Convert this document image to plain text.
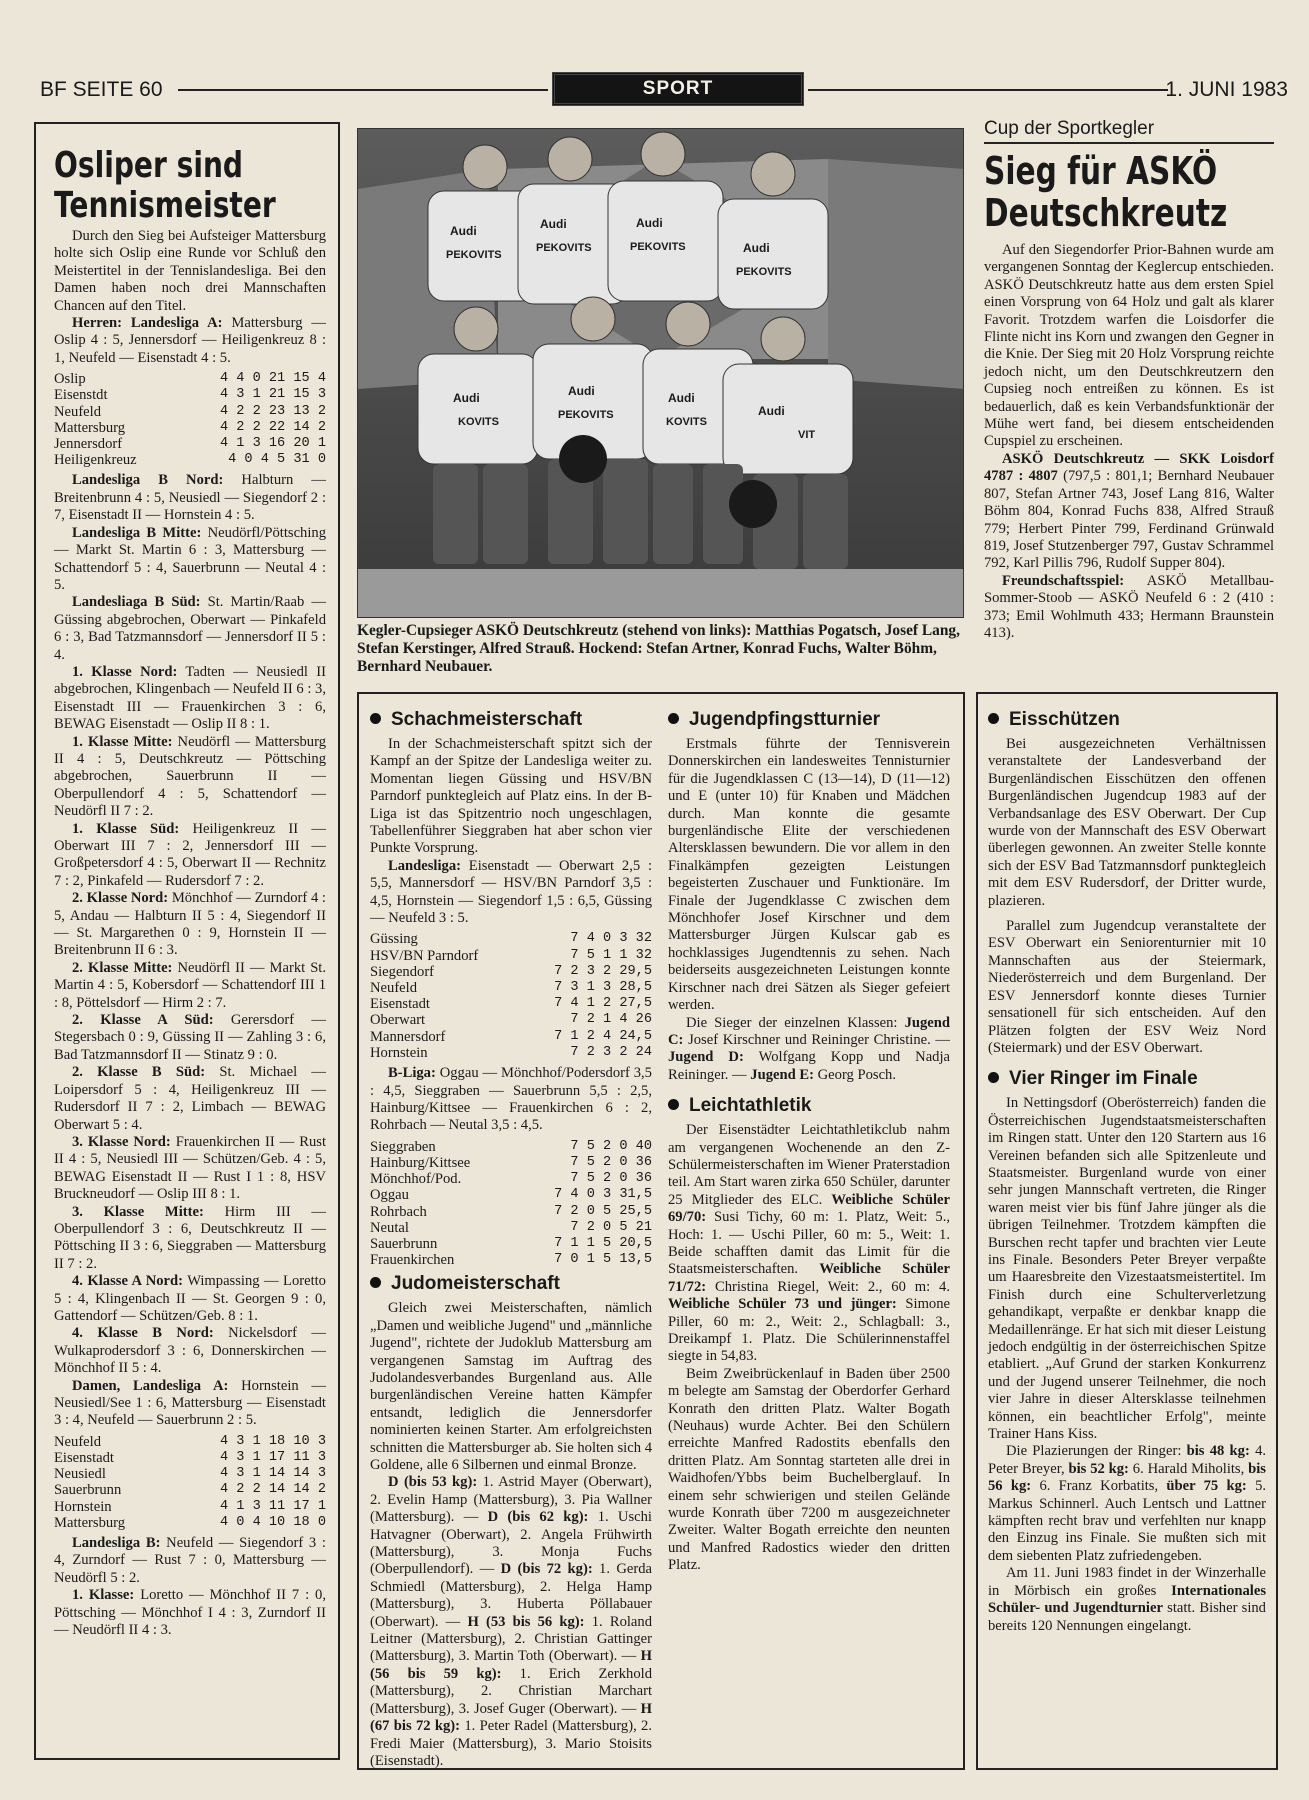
BF SEITE 60	SPORT	1. JUNI 1983
Osliper sind
Tennismeister

Durch den Sieg bei Aufsteiger Mattersburg holte sich Oslip eine Runde vor Schluß den Meistertitel in der Tennislandesliga. Bei den Damen haben noch drei Mannschaften Chancen auf den Titel.

Herren: Landesliga A: Mattersburg — Oslip 4 : 5, Jennersdorf — Heiligenkreuz 8 : 1, Neufeld — Eisenstadt 4 : 5.

Oslip	4 4 0 21 15 4
Eisenstdt	4 3 1 21 15 3
Neufeld	4 2 2 23 13 2
Mattersburg	4 2 2 22 14 2
Jennersdorf	4 1 3 16 20 1
Heiligenkreuz	4 0 4 5 31 0

Landesliga B Nord: Halbturn — Breitenbrunn 4 : 5, Neusiedl — Siegendorf 2 : 7, Eisenstadt II — Hornstein 4 : 5.

Landesliga B Mitte: Neudörfl/Pöttsching — Markt St. Martin 6 : 3, Mattersburg — Schattendorf 5 : 4, Sauerbrunn — Neutal 4 : 5.

Landesliaga B Süd: St. Martin/Raab — Güssing abgebrochen, Oberwart — Pinkafeld 6 : 3, Bad Tatzmannsdorf — Jennersdorf II 5 : 4.

1. Klasse Nord: Tadten — Neusiedl II abgebrochen, Klingenbach — Neufeld II 6 : 3, Eisenstadt III — Frauenkirchen 3 : 6, BEWAG Eisenstadt — Oslip II 8 : 1.

1. Klasse Mitte: Neudörfl — Mattersburg II 4 : 5, Deutschkreutz — Pöttsching abgebrochen, Sauerbrunn II — Oberpullendorf 4 : 5, Schattendorf — Neudörfl II 7 : 2.

1. Klasse Süd: Heiligenkreuz II — Oberwart III 7 : 2, Jennersdorf III — Großpetersdorf 4 : 5, Oberwart II — Rechnitz 7 : 2, Pinkafeld — Rudersdorf 7 : 2.

2. Klasse Nord: Mönchhof — Zurndorf 4 : 5, Andau — Halbturn II 5 : 4, Siegendorf II — St. Margarethen 0 : 9, Hornstein II — Breitenbrunn II 6 : 3.

2. Klasse Mitte: Neudörfl II — Markt St. Martin 4 : 5, Kobersdorf — Schattendorf III 1 : 8, Pöttelsdorf — Hirm 2 : 7.

2. Klasse A Süd: Gerersdorf — Stegersbach 0 : 9, Güssing II — Zahling 3 : 6, Bad Tatzmannsdorf II — Stinatz 9 : 0.

2. Klasse B Süd: St. Michael — Loipersdorf 5 : 4, Heiligenkreuz III — Rudersdorf II 7 : 2, Limbach — BEWAG Oberwart 5 : 4.

3. Klasse Nord: Frauenkirchen II — Rust II 4 : 5, Neusiedl III — Schützen/Geb. 4 : 5, BEWAG Eisenstadt II — Rust I 1 : 8, HSV Bruckneudorf — Oslip III 8 : 1.

3. Klasse Mitte: Hirm III — Oberpullendorf 3 : 6, Deutschkreutz II — Pöttsching II 3 : 6, Sieggraben — Mattersburg II 7 : 2.

4. Klasse A Nord: Wimpassing — Loretto 5 : 4, Klingenbach II — St. Georgen 9 : 0, Gattendorf — Schützen/Geb. 8 : 1.

4. Klasse B Nord: Nickelsdorf — Wulkaprodersdorf 3 : 6, Donnerskirchen — Mönchhof II 5 : 4.

Damen, Landesliga A: Hornstein — Neusiedl/See 1 : 6, Mattersburg — Eisenstadt 3 : 4, Neufeld — Sauerbrunn 2 : 5.

Neufeld	4 3 1 18 10 3
Eisenstadt	4 3 1 17 11 3
Neusiedl	4 3 1 14 14 3
Sauerbrunn	4 2 2 14 14 2
Hornstein	4 1 3 11 17 1
Mattersburg	4 0 4 10 18 0

Landesliga B: Neufeld — Siegendorf 3 : 4, Zurndorf — Rust 7 : 0, Mattersburg — Neudörfl 5 : 2.

1. Klasse: Loretto — Mönchhof II 7 : 0, Pöttsching — Mönchhof I 4 : 3, Zurndorf II — Neudörfl II 4 : 3.

Audi
PEKOVITS
Audi
PEKOVITS
Audi
PEKOVITS	Audi
PEKOVITS
Audi
KOVITS
Audi
PEKOVITS
Audi
KOVITS
Audi
VIT
Kegler-Cupsieger ASKÖ Deutschkreutz (stehend von links): Matthias Pogatsch, Josef Lang, Stefan Kerstinger, Alfred Strauß. Hockend: Stefan Artner, Konrad Fuchs, Walter Böhm, Bernhard Neubauer.
Cup der Sportkegler
Sieg für ASKÖ
Deutschkreutz

Auf den Siegendorfer Prior-Bahnen wurde am vergangenen Sonntag der Keglercup entschieden. ASKÖ Deutschkreutz hatte aus dem ersten Spiel einen Vorsprung von 64 Holz und galt als klarer Favorit. Trotzdem warfen die Loisdorfer die Flinte nicht ins Korn und zwangen den Gegner in die Knie. Der Sieg mit 20 Holz Vorsprung reichte jedoch nicht, um den Deutschkreutzern den Cupsieg noch entreißen zu können. Es ist bedauerlich, daß es kein Verbandsfunktionär der Mühe wert fand, bei diesem entscheidenden Cupspiel zu erscheinen.

ASKÖ Deutschkreutz — SKK Loisdorf 4787 : 4807 (797,5 : 801,1; Bernhard Neubauer 807, Stefan Artner 743, Josef Lang 816, Walter Böhm 804, Konrad Fuchs 838, Alfred Strauß 779; Herbert Pinter 799, Ferdinand Grünwald 819, Josef Stutzenberger 797, Gustav Schrammel 792, Karl Pillis 796, Rudolf Supper 804).

Freundschaftsspiel: ASKÖ Metallbau-Sommer-Stoob — ASKÖ Neufeld 6 : 2 (410 : 373; Emil Wohlmuth 433; Hermann Braunstein 413).

Schachmeisterschaft

In der Schachmeisterschaft spitzt sich der Kampf an der Spitze der Landesliga weiter zu. Momentan liegen Güssing und HSV/BN Parndorf punktegleich auf Platz eins. In der B-Liga ist das Spitzentrio noch ungeschlagen, Tabellenführer Sieggraben hat aber schon vier Punkte Vorsprung.

Landesliga: Eisenstadt — Oberwart 2,5 : 5,5, Mannersdorf — HSV/BN Parndorf 3,5 : 4,5, Hornstein — Siegendorf 1,5 : 6,5, Güssing — Neufeld 3 : 5.

Güssing	7 4 0 3 32
HSV/BN Parndorf	7 5 1 1 32
Siegendorf	7 2 3 2 29,5
Neufeld	7 3 1 3 28,5
Eisenstadt	7 4 1 2 27,5
Oberwart	7 2 1 4 26
Mannersdorf	7 1 2 4 24,5
Hornstein	7 2 3 2 24

B-Liga: Oggau — Mönchhof/Podersdorf 3,5 : 4,5, Sieggraben — Sauerbrunn 5,5 : 2,5, Hainburg/Kittsee — Frauenkirchen 6 : 2, Rohrbach — Neutal 3,5 : 4,5.

Sieggraben	7 5 2 0 40
Hainburg/Kittsee	7 5 2 0 36
Mönchhof/Pod.	7 5 2 0 36
Oggau	7 4 0 3 31,5
Rohrbach	7 2 0 5 25,5
Neutal	7 2 0 5 21
Sauerbrunn	7 1 1 5 20,5
Frauenkirchen	7 0 1 5 13,5
Judomeisterschaft

Gleich zwei Meisterschaften, nämlich „Damen und weibliche Jugend" und „männliche Jugend", richtete der Judoklub Mattersburg am vergangenen Samstag im Auftrag des Judolandesverbandes Burgenland aus. Alle burgenländischen Vereine hatten Kämpfer entsandt, lediglich die Jennersdorfer nominierten keinen Starter. Am erfolgreichsten schnitten die Mattersburger ab. Sie holten sich 4 Goldene, alle 6 Silbernen und einmal Bronze.

D (bis 53 kg): 1. Astrid Mayer (Oberwart), 2. Evelin Hamp (Mattersburg), 3. Pia Wallner (Mattersburg). — D (bis 62 kg): 1. Uschi Hatvagner (Oberwart), 2. Angela Frühwirth (Mattersburg), 3. Monja Fuchs (Oberpullendorf). — D (bis 72 kg): 1. Gerda Schmiedl (Mattersburg), 2. Helga Hamp (Mattersburg), 3. Huberta Pöllabauer (Oberwart). — H (53 bis 56 kg): 1. Roland Leitner (Mattersburg), 2. Christian Gattinger (Mattersburg), 3. Martin Toth (Oberwart). — H (56 bis 59 kg): 1. Erich Zerkhold (Mattersburg), 2. Christian Marchart (Mattersburg), 3. Josef Guger (Oberwart). — H (67 bis 72 kg): 1. Peter Radel (Mattersburg), 2. Fredi Maier (Mattersburg), 3. Mario Stoisits (Eisenstadt).

Jugendpfingstturnier

Erstmals führte der Tennisverein Donnerskirchen ein landesweites Tennisturnier für die Jugendklassen C (13—14), D (11—12) und E (unter 10) für Knaben und Mädchen durch. Man konnte die gesamte burgenländische Elite der verschiedenen Altersklassen bewundern. Die vor allem in den Finalkämpfen gezeigten Leistungen begeisterten Zuschauer und Funktionäre. Im Finale der Jugendklasse C zwischen dem Mönchhofer Josef Kirschner und dem Mattersburger Jürgen Kulscar gab es hochklassiges Jugendtennis zu sehen. Nach beiderseits ausgezeichneten Leistungen konnte Kirschner nach drei Sätzen als Sieger gefeiert werden.

Die Sieger der einzelnen Klassen: Jugend C: Josef Kirschner und Reininger Christine. — Jugend D: Wolfgang Kopp und Nadja Reininger. — Jugend E: Georg Posch.

Leichtathletik

Der Eisenstädter Leichtathletikclub nahm am vergangenen Wochenende an den Z-Schülermeisterschaften im Wiener Praterstadion teil. Am Start waren zirka 650 Schüler, darunter 25 Mitglieder des ELC. Weibliche Schüler 69/70: Susi Tichy, 60 m: 1. Platz, Weit: 5., Hoch: 1. — Uschi Piller, 60 m: 5., Weit: 1. Beide schafften damit das Limit für die Staatsmeisterschaften. Weibliche Schüler 71/72: Christina Riegel, Weit: 2., 60 m: 4. Weibliche Schüler 73 und jünger: Simone Piller, 60 m: 2., Weit: 2., Schlagball: 3., Dreikampf 1. Platz. Die Schülerinnenstaffel siegte in 54,83.

Beim Zweibrückenlauf in Baden über 2500 m belegte am Samstag der Oberdorfer Gerhard Konrath den dritten Platz. Walter Bogath (Neuhaus) wurde Achter. Bei den Schülern erreichte Manfred Radostits ebenfalls den dritten Platz. Am Sonntag starteten alle drei in Waidhofen/Ybbs beim Buchelberglauf. In einem sehr schwierigen und steilen Gelände wurde Konrath über 7200 m ausgezeichneter Zweiter. Walter Bogath erreichte den neunten und Manfred Radostics wieder den dritten Platz.

Eisschützen

Bei ausgezeichneten Verhältnissen veranstaltete der Landesverband der Burgenländischen Eisschützen den offenen Burgenländischen Jugendcup 1983 auf der Verbandsanlage des ESV Oberwart. Der Cup wurde von der Mannschaft des ESV Oberwart überlegen gewonnen. An zweiter Stelle konnte sich der ESV Bad Tatzmannsdorf punktegleich mit dem ESV Rudersdorf, der Dritter wurde, plazieren.

Parallel zum Jugendcup veranstaltete der ESV Oberwart ein Seniorenturnier mit 10 Mannschaften aus der Steiermark, Niederösterreich und dem Burgenland. Der ESV Jennersdorf konnte dieses Turnier sensationell für sich entscheiden. Auf den Plätzen folgten der ESV Weiz Nord (Steiermark) und der ESV Oberwart.

Vier Ringer im Finale

In Nettingsdorf (Oberösterreich) fanden die Österreichischen Jugendstaatsmeisterschaften im Ringen statt. Unter den 120 Startern aus 16 Vereinen befanden sich alle Spitzenleute und Staatsmeister. Burgenland wurde von einer sehr jungen Mannschaft vertreten, die Ringer waren meist vier bis fünf Jahre jünger als die übrigen Teilnehmer. Trotzdem kämpften die Burschen recht tapfer und brachten vier Leute ins Finale. Besonders Peter Breyer verpaßte um Haaresbreite den Vizestaatsmeistertitel. Im Finish durch eine Schulterverletzung gehandikapt, verpaßte er denkbar knapp die Medaillenränge. Er hat sich mit dieser Leistung jedoch endgültig in der österreichischen Spitze etabliert. „Auf Grund der starken Konkurrenz und der Jugend unserer Teilnehmer, die noch vier Jahre in dieser Altersklasse teilnehmen können, ein beachtlicher Erfolg", meinte Trainer Hans Kiss.

Die Plazierungen der Ringer: bis 48 kg: 4. Peter Breyer, bis 52 kg: 6. Harald Miholits, bis 56 kg: 6. Franz Korbatits, über 75 kg: 5. Markus Schinnerl. Auch Lentsch und Lattner kämpften recht brav und verfehlten nur knapp den Einzug ins Finale. Sie mußten sich mit dem siebenten Platz zufriedengeben.

Am 11. Juni 1983 findet in der Winzerhalle in Mörbisch ein großes Internationales Schüler- und Jugendturnier statt. Bisher sind bereits 120 Nennungen eingelangt.
